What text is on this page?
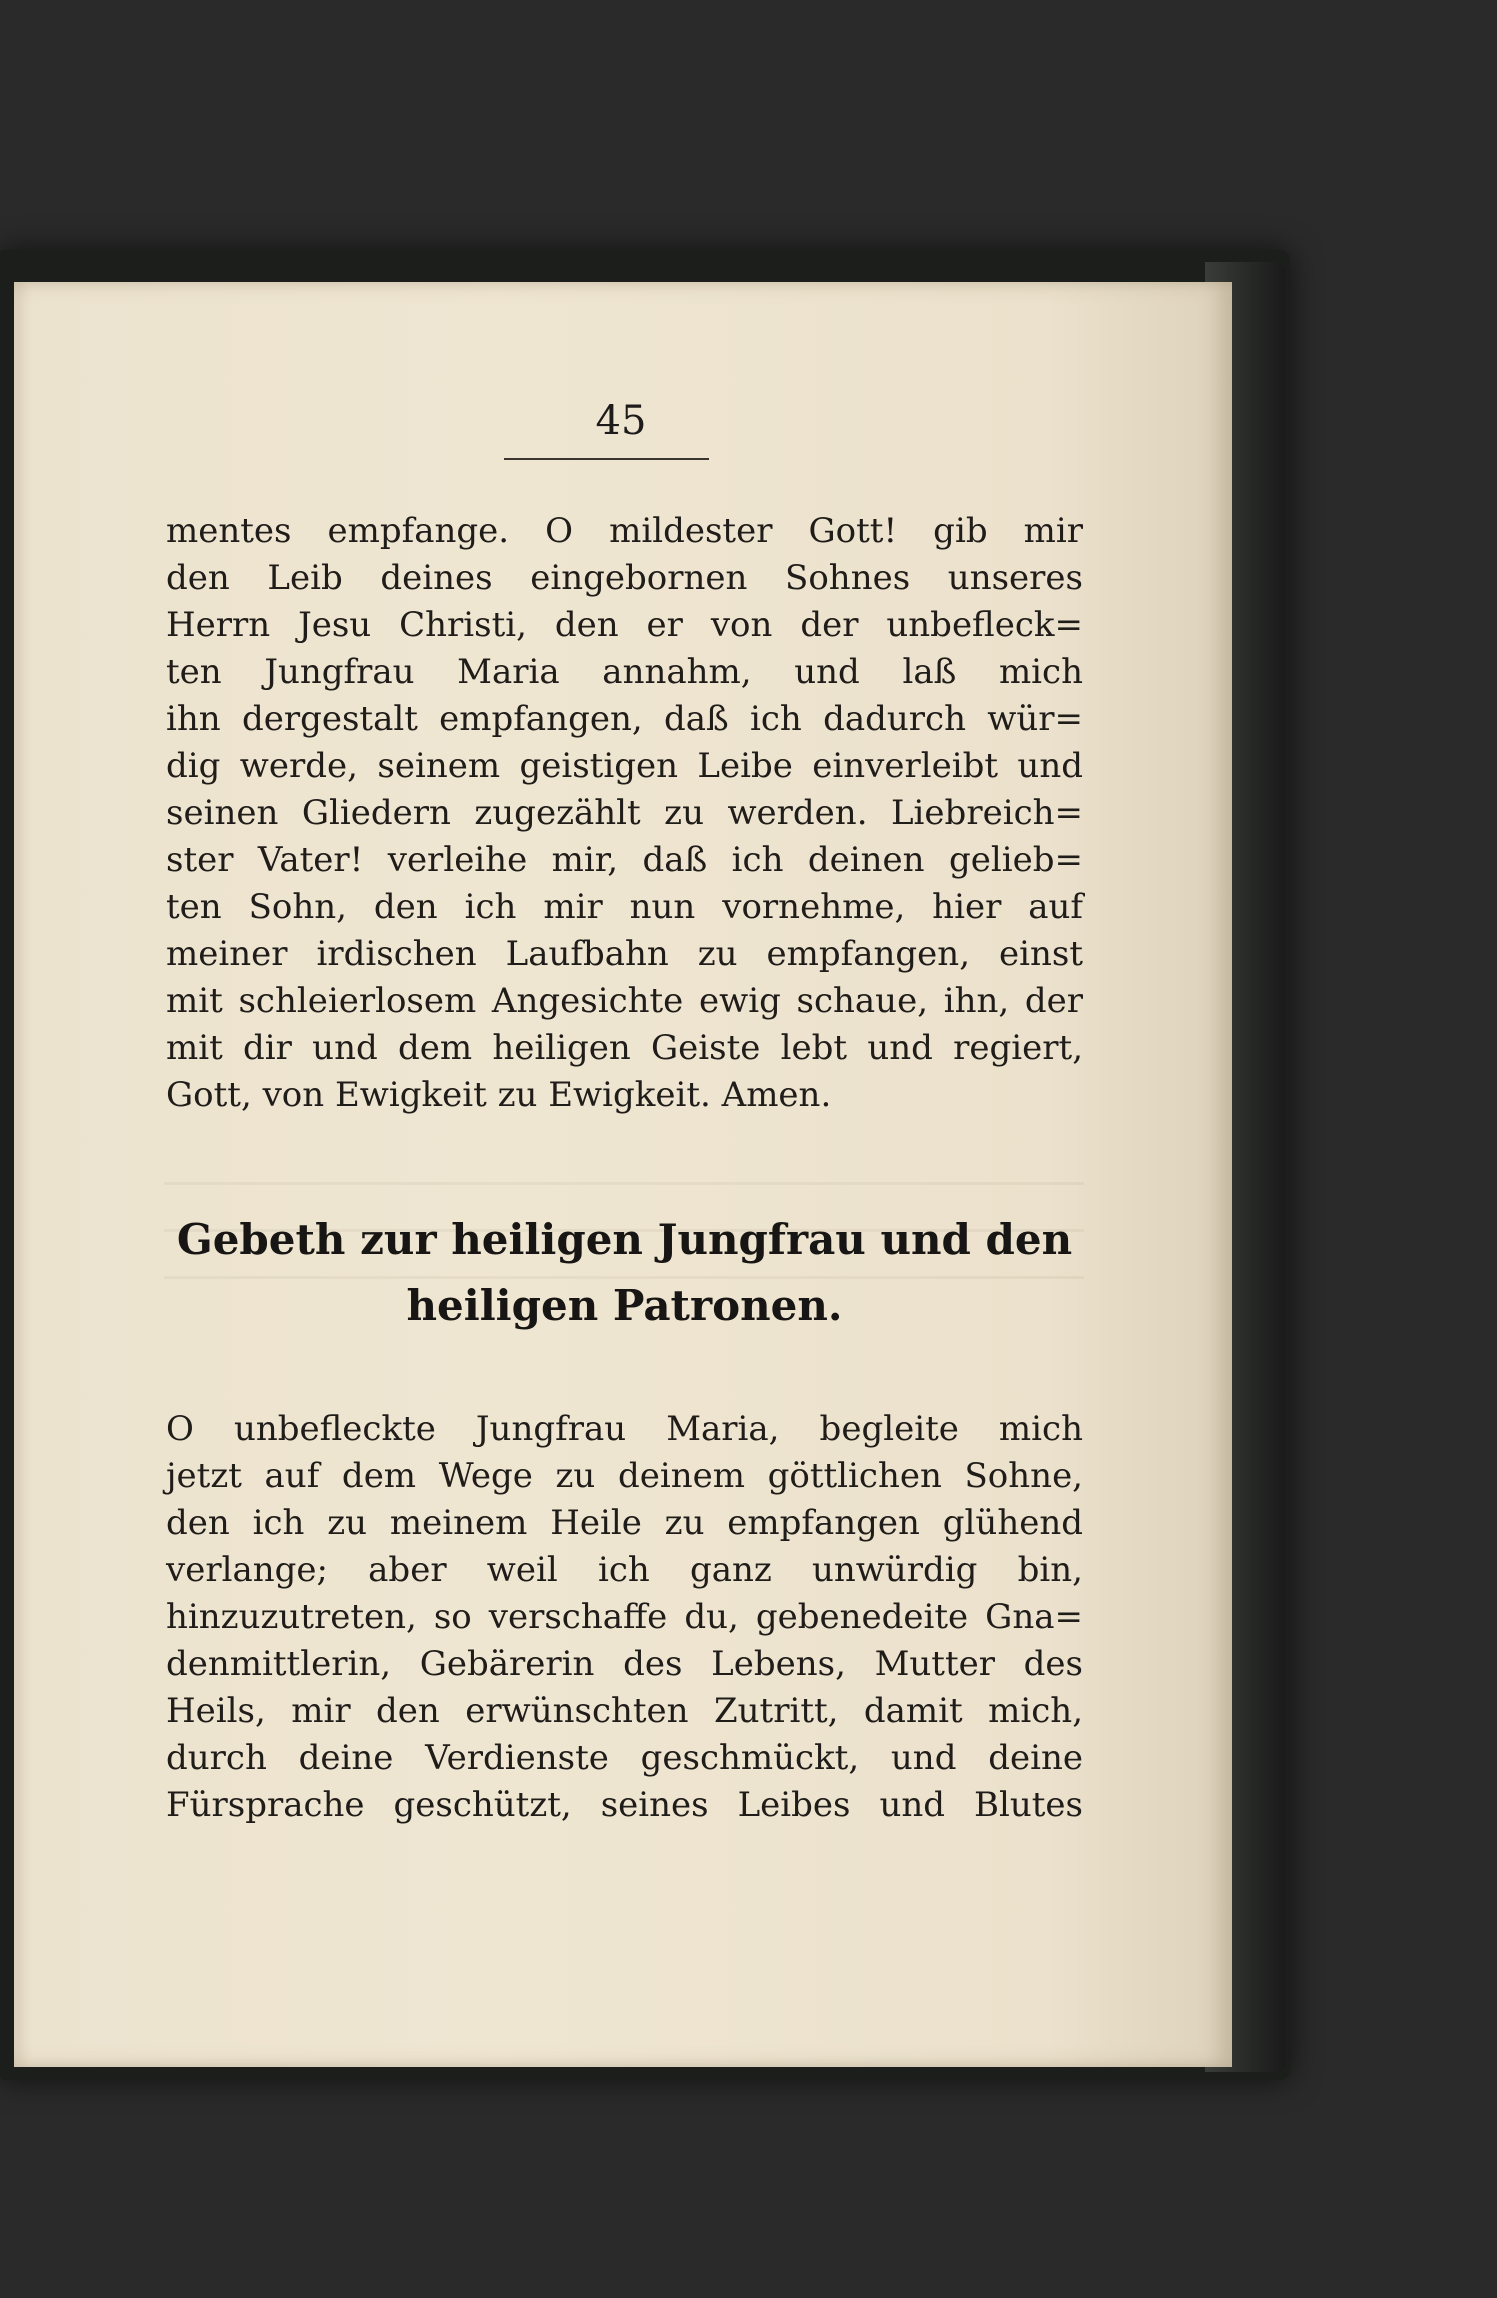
45
mentes empfange. O mildester Gott! gib mir
den Leib deines eingebornen Sohnes unseres
Herrn Jesu Christi, den er von der unbefleck=
ten Jungfrau Maria annahm, und laß mich
ihn dergestalt empfangen, daß ich dadurch wür=
dig werde, seinem geistigen Leibe einverleibt und
seinen Gliedern zugezählt zu werden. Liebreich=
ster Vater! verleihe mir, daß ich deinen gelieb=
ten Sohn, den ich mir nun vornehme, hier auf
meiner irdischen Laufbahn zu empfangen, einst
mit schleierlosem Angesichte ewig schaue, ihn, der
mit dir und dem heiligen Geiste lebt und regiert,
Gott, von Ewigkeit zu Ewigkeit. Amen.
Gebeth zur heiligen Jungfrau und den
heiligen Patronen.
O unbefleckte Jungfrau Maria, begleite mich
jetzt auf dem Wege zu deinem göttlichen Sohne,
den ich zu meinem Heile zu empfangen glühend
verlange; aber weil ich ganz unwürdig bin,
hinzuzutreten, so verschaffe du, gebenedeite Gna=
denmittlerin, Gebärerin des Lebens, Mutter des
Heils, mir den erwünschten Zutritt, damit mich,
durch deine Verdienste geschmückt, und deine
Fürsprache geschützt, seines Leibes und Blutes
